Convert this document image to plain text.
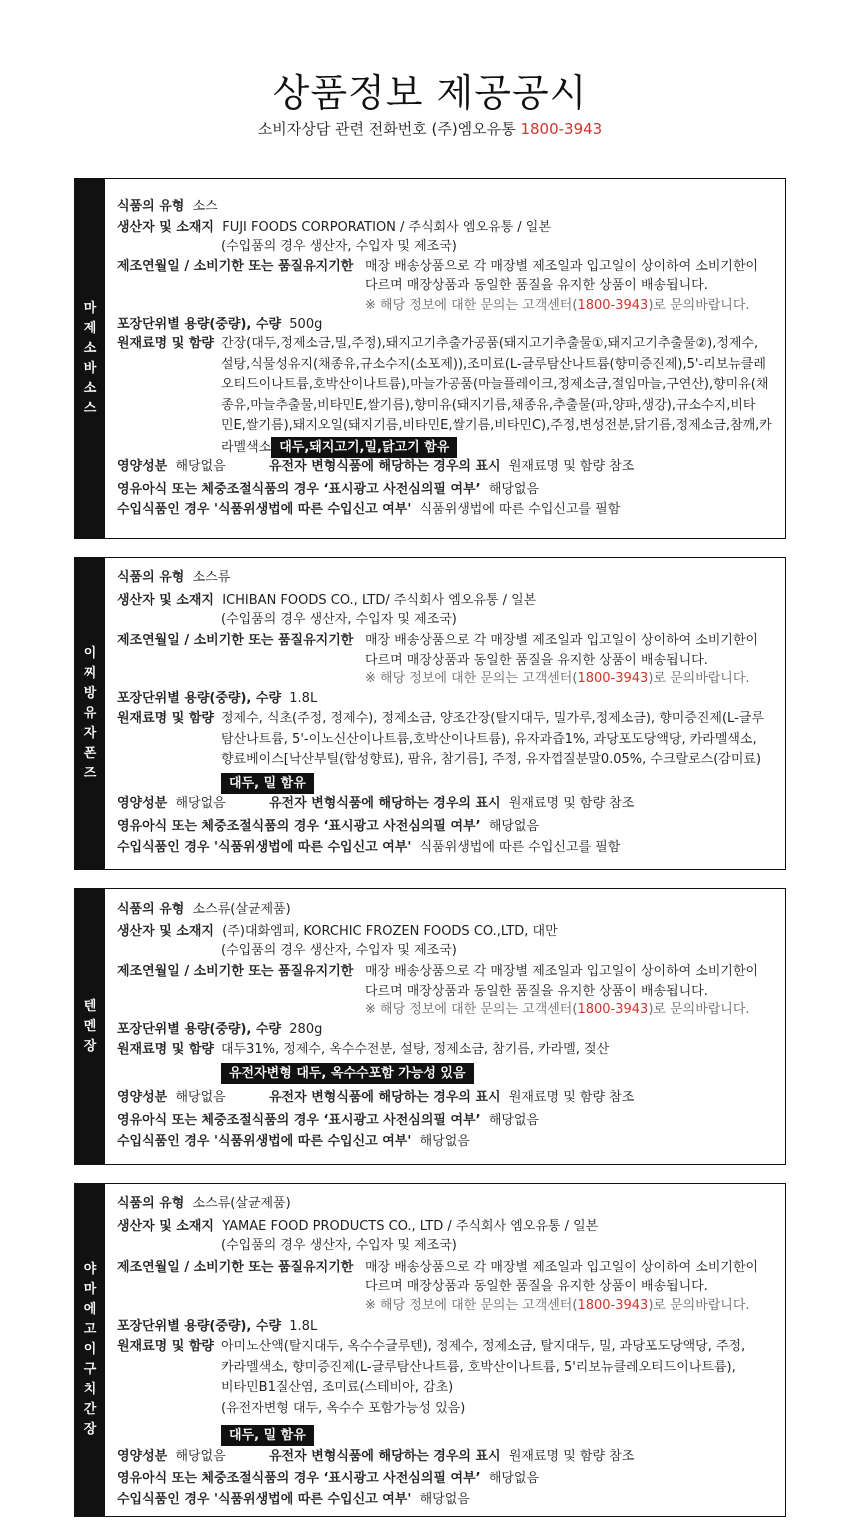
상품정보 제공공시
소비자상담 관련 전화번호 (주)엠오유통 1800-3943
마제소바소스
식품의 유형 소스
생산자 및 소재지 FUJI FOODS CORPORATION / 주식회사 엠오유통 / 일본
(수입품의 경우 생산자, 수입자 및 제조국)
제조연월일 / 소비기한 또는 품질유지기한 매장 배송상품으로 각 매장별 제조일과 입고일이 상이하여 소비기한이
다르며 매장상품과 동일한 품질을 유지한 상품이 배송됩니다.
※ 해당 정보에 대한 문의는 고객센터(1800-3943)로 문의바랍니다.
포장단위별 용량(중량), 수량 500g
원재료명 및 함량 간장(대두,정제소금,밀,주정),돼지고기추출가공품(돼지고기추출물①,돼지고기추출물②),정제수,
설탕,식물성유지(채종유,규소수지(소포제)),조미료(L-글루탐산나트륨(향미증진제),5'-리보뉴클레
오티드이나트륨,호박산이나트륨),마늘가공품(마늘플레이크,정제소금,절임마늘,구연산),향미유(채
종유,마늘추출물,비타민E,쌀기름),향미유(돼지기름,채종유,추출물(파,양파,생강),규소수지,비타
민E,쌀기름),돼지오일(돼지기름,비타민E,쌀기름,비타민C),주정,변성전분,닭기름,정제소금,참깨,카
라멜색소 대두,돼지고기,밀,닭고기 함유
영양성분 해당없음	유전자 변형식품에 해당하는 경우의 표시 원재료명 및 함량 참조
영유아식 또는 체중조절식품의 경우 ‘표시광고 사전심의필 여부’ 해당없음
수입식품인 경우 '식품위생법에 따른 수입신고 여부' 식품위생법에 따른 수입신고를 필함
이찌방 유자폰즈
식품의 유형 소스류
생산자 및 소재지 ICHIBAN FOODS CO., LTD/ 주식회사 엠오유통 / 일본
(수입품의 경우 생산자, 수입자 및 제조국)
제조연월일 / 소비기한 또는 품질유지기한 매장 배송상품으로 각 매장별 제조일과 입고일이 상이하여 소비기한이
다르며 매장상품과 동일한 품질을 유지한 상품이 배송됩니다.
※ 해당 정보에 대한 문의는 고객센터(1800-3943)로 문의바랍니다.
포장단위별 용량(중량), 수량 1.8L
원재료명 및 함량 정제수, 식초(주정, 정제수), 정제소금, 양조간장(탈지대두, 밀가루,정제소금), 향미증진제(L-글루
탐산나트륨, 5'-이노신산이나트륨,호박산이나트륨), 유자과즙1%, 과당포도당액당, 카라멜색소,
향료베이스[낙산부틸(합성향료), 팜유, 참기름], 주정, 유자껍질분말0.05%, 수크랄로스(감미료)
대두, 밀 함유
영양성분 해당없음	유전자 변형식품에 해당하는 경우의 표시 원재료명 및 함량 참조
영유아식 또는 체중조절식품의 경우 ‘표시광고 사전심의필 여부’ 해당없음
수입식품인 경우 '식품위생법에 따른 수입신고 여부' 식품위생법에 따른 수입신고를 필함
텐멘장
식품의 유형 소스류(살균제품)
생산자 및 소재지 (주)대화엠피, KORCHIC FROZEN FOODS CO.,LTD, 대만
(수입품의 경우 생산자, 수입자 및 제조국)
제조연월일 / 소비기한 또는 품질유지기한 매장 배송상품으로 각 매장별 제조일과 입고일이 상이하여 소비기한이
다르며 매장상품과 동일한 품질을 유지한 상품이 배송됩니다.
※ 해당 정보에 대한 문의는 고객센터(1800-3943)로 문의바랍니다.
포장단위별 용량(중량), 수량 280g
원재료명 및 함량 대두31%, 정제수, 옥수수전분, 설탕, 정제소금, 참기름, 카라멜, 젖산
유전자변형 대두, 옥수수포함 가능성 있음
영양성분 해당없음	유전자 변형식품에 해당하는 경우의 표시 원재료명 및 함량 참조
영유아식 또는 체중조절식품의 경우 ‘표시광고 사전심의필 여부’ 해당없음
수입식품인 경우 '식품위생법에 따른 수입신고 여부' 해당없음
야마에고이구치간장
식품의 유형 소스류(살균제품)
생산자 및 소재지 YAMAE FOOD PRODUCTS CO., LTD / 주식회사 엠오유통 / 일본
(수입품의 경우 생산자, 수입자 및 제조국)
제조연월일 / 소비기한 또는 품질유지기한 매장 배송상품으로 각 매장별 제조일과 입고일이 상이하여 소비기한이
다르며 매장상품과 동일한 품질을 유지한 상품이 배송됩니다.
※ 해당 정보에 대한 문의는 고객센터(1800-3943)로 문의바랍니다.
포장단위별 용량(중량), 수량 1.8L
원재료명 및 함량 아미노산액(탈지대두, 옥수수글루텐), 정제수, 정제소금, 탈지대두, 밀, 과당포도당액당, 주정,
카라멜색소, 향미증진제(L-글루탐산나트륨, 호박산이나트륨, 5'리보뉴클레오티드이나트륨),
비타민B1질산염, 조미료(스테비아, 감초)
(유전자변형 대두, 옥수수 포함가능성 있음)
대두, 밀 함유
영양성분 해당없음	유전자 변형식품에 해당하는 경우의 표시 원재료명 및 함량 참조
영유아식 또는 체중조절식품의 경우 ‘표시광고 사전심의필 여부’ 해당없음
수입식품인 경우 '식품위생법에 따른 수입신고 여부' 해당없음
